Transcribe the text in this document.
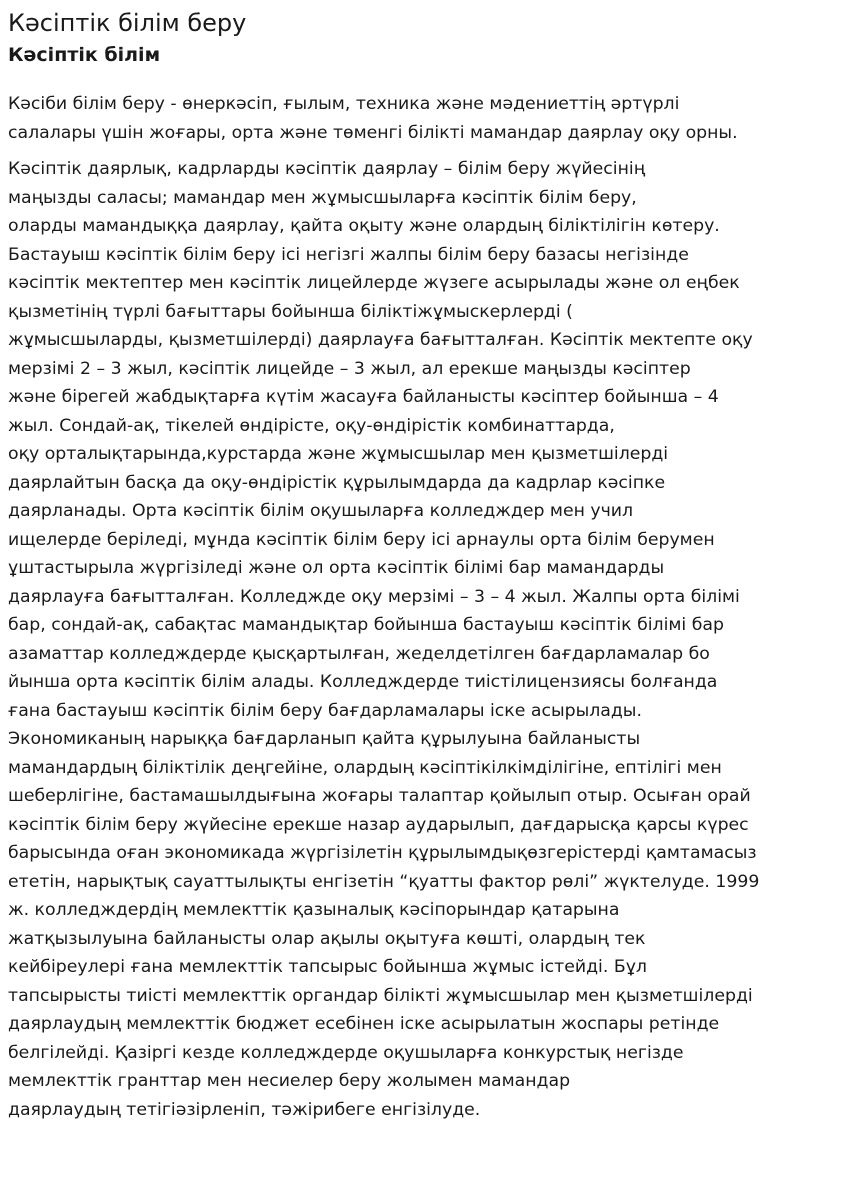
Кәсіптік білім беру
Кәсіптік білім

Кәсіби білім беру - өнеркәсіп, ғылым, техника және мәдениеттің әртүрлі
салалары үшін жоғары, орта және төменгі білікті мамандар даярлау оқу орны.

Кәсіптік даярлық, кадрларды кәсіптік даярлау – білім беру жүйесінің
маңызды саласы; мамандар мен жұмысшыларға кәсіптік білім беру,
оларды мамандыққа даярлау, қайта оқыту және олардың біліктілігін көтеру.
Бастауыш кәсіптік білім беру ісі негізгі жалпы білім беру базасы негізінде
кәсіптік мектептер мен кәсіптік лицейлерде жүзеге асырылады және ол еңбек
қызметінің түрлі бағыттары бойынша біліктіжұмыскерлерді (
жұмысшыларды, қызметшілерді) даярлауға бағытталған. Кәсіптік мектепте оқу
мерзімі 2 – 3 жыл, кәсіптік лицейде – 3 жыл, ал ерекше маңызды кәсіптер
және бірегей жабдықтарға күтім жасауға байланысты кәсіптер бойынша – 4
жыл. Сондай-ақ, тікелей өндірісте, оқу-өндірістік комбинаттарда,
оқу орталықтарында,курстарда және жұмысшылар мен қызметшілерді
даярлайтын басқа да оқу-өндірістік құрылымдарда да кадрлар кәсіпке
даярланады. Орта кәсіптік білім оқушыларға колледждер мен учил
ищелерде беріледі, мұнда кәсіптік білім беру ісі арнаулы орта білім берумен
ұштастырыла жүргізіледі және ол орта кәсіптік білімі бар мамандарды
даярлауға бағытталған. Колледжде оқу мерзімі – 3 – 4 жыл. Жалпы орта білімі
бар, сондай-ақ, сабақтас мамандықтар бойынша бастауыш кәсіптік білімі бар
азаматтар колледждерде қысқартылған, жеделдетілген бағдарламалар бо
йынша орта кәсіптік білім алады. Колледждерде тиістілицензиясы болғанда
ғана бастауыш кәсіптік білім беру бағдарламалары іске асырылады.
Экономиканың нарыққа бағдарланып қайта құрылуына байланысты
мамандардың біліктілік деңгейіне, олардың кәсіптікілкімділігіне, ептілігі мен
шеберлігіне, бастамашылдығына жоғары талаптар қойылып отыр. Осыған орай
кәсіптік білім беру жүйесіне ерекше назар аударылып, дағдарысқа қарсы күрес
барысында оған экономикада жүргізілетін құрылымдықөзгерістерді қамтамасыз
ететін, нарықтық сауаттылықты енгізетін “қуатты фактор рөлі” жүктелуде. 1999
ж. колледждердің мемлекттік қазыналық кәсіпорындар қатарына
жатқызылуына байланысты олар ақылы оқытуға көшті, олардың тек
кейбіреулері ғана мемлекттік тапсырыс бойынша жұмыс істейді. Бұл
тапсырысты тиісті мемлекттік органдар білікті жұмысшылар мен қызметшілерді
даярлаудың мемлекттік бюджет есебінен іске асырылатын жоспары ретінде
белгілейді. Қазіргі кезде колледждерде оқушыларға конкурстық негізде
мемлекттік гранттар мен несиелер беру жолымен мамандар
даярлаудың тетігіәзірленіп, тәжірибеге енгізілуде.
